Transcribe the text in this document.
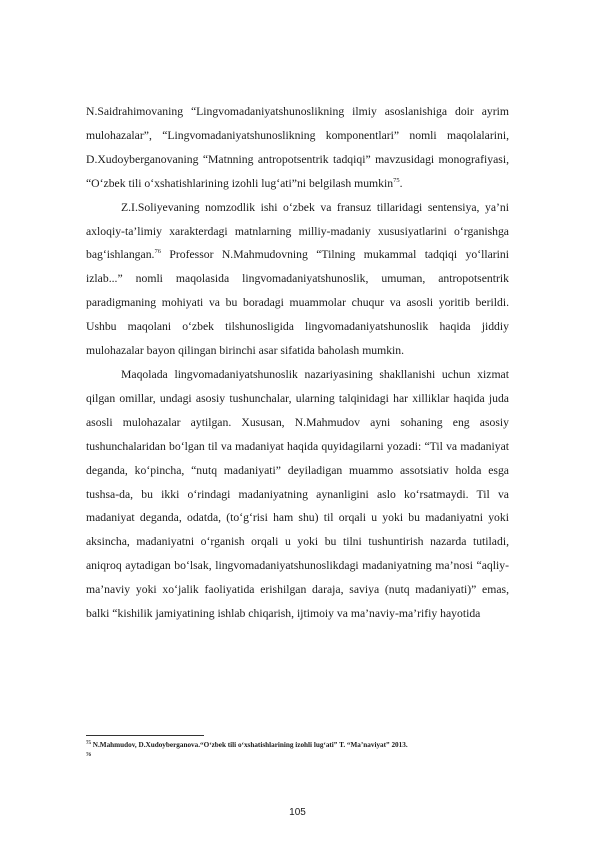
N.Saidrahimovaning “Lingvomadaniyatshunoslikning ilmiy asoslanishiga doir ayrim mulohazalar”, “Lingvomadaniyatshunoslikning komponentlari” nomli maqolalarini, D.Xudoyberganovaning “Matnning antropotsentrik tadqiqi” mavzusidagi monografiyasi, “O‘zbek tili o‘xshatishlarining izohli lug‘ati”ni belgilash mumkin$^{75}$.

Z.I.Soliyevaning nomzodlik ishi o‘zbek va fransuz tillaridagi sentensiya, ya’ni axloqiy-ta’limiy xarakterdagi matnlarning milliy-madaniy xususiyatlarini o‘rganishga bag‘ishlangan.$^{76}$ Professor N.Mahmudovning “Tilning mukammal tadqiqi yo‘llarini izlab...” nomli maqolasida lingvomadaniyatshunoslik, umuman, antropotsentrik paradigmaning mohiyati va bu boradagi muammolar chuqur va asosli yoritib berildi. Ushbu maqolani o‘zbek tilshunosligida lingvomadaniyatshunoslik haqida jiddiy mulohazalar bayon qilingan birinchi asar sifatida baholash mumkin.

Maqolada lingvomadaniyatshunoslik nazariyasining shakllanishi uchun xizmat qilgan omillar, undagi asosiy tushunchalar, ularning talqinidagi har xilliklar haqida juda asosli mulohazalar aytilgan. Xususan, N.Mahmudov ayni sohaning eng asosiy tushunchalaridan bo‘lgan til va madaniyat haqida quyidagilarni yozadi: “Til va madaniyat deganda, ko‘pincha, “nutq madaniyati” deyiladigan muammo assotsiativ holda esga tushsa-da, bu ikki o‘rindagi madaniyatning aynanligini aslo ko‘rsatmaydi. Til va madaniyat deganda, odatda, (to‘g‘risi ham shu) til orqali u yoki bu madaniyatni yoki aksincha, madaniyatni o‘rganish orqali u yoki bu tilni tushuntirish nazarda tutiladi, aniqroq aytadigan bo‘lsak, lingvomadaniyatshunoslikdagi madaniyatning ma’nosi “aqliy-ma’naviy yoki xo‘jalik faoliyatida erishilgan daraja, saviya (nutq madaniyati)” emas, balki “kishilik jamiyatining ishlab chiqarish, ijtimoiy va ma’naviy-ma’rifiy hayotida

$^{75}$ N.Mahmudov, D.Xudoyberganova.“O‘zbek tili o‘xshatishlarining izohli lug‘ati” T. “Ma’naviyat” 2013.

$^{76}$

105
